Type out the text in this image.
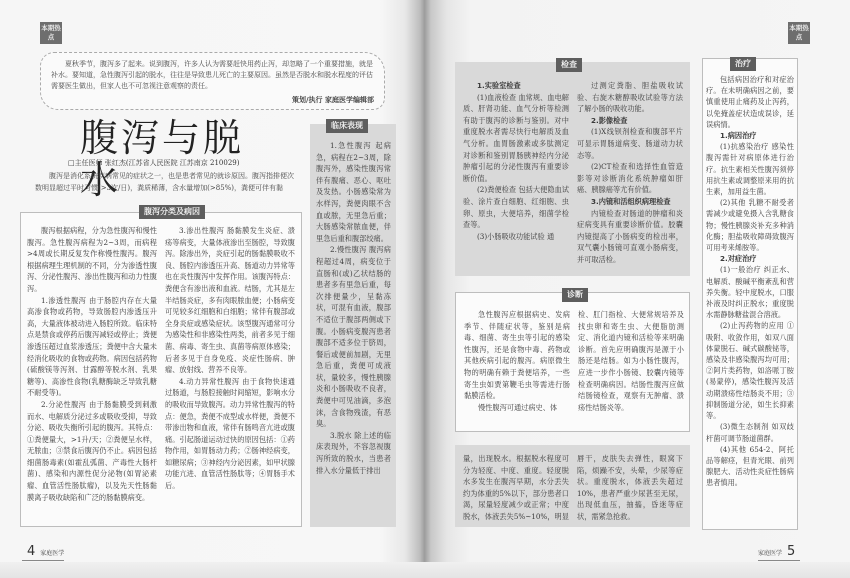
本期热点
本期热点

夏秋季节，腹泻多了起来。说到腹泻，许多人认为需要赶快用药止泻，却忽略了一个重要措施，就是补水。要知道，急性腹泻引起的脱水，往往是导致患儿死亡的主要原因。虽然是否脱水和脱水程度的评估需要医生做出，但家人也不可忽视注意观察的责任。

策划/执行 家庭医学编辑部

腹泻与脱水
□主任医师 张红杰(江苏省人民医院 江苏南京 210029)

腹泻是消化系统疾病常见的症状之一，也是患者常见的就诊原因。腹泻指排便次数明显超过平时习惯(>3次/日)，粪质稀薄，含水量增加(>85%)，粪便可伴有黏

腹泻分类及病因

腹泻根据病程，分为急性腹泻和慢性腹泻。急性腹泻病程为2~3周，而病程>4周或长期反复发作称慢性腹泻。腹泻根据病理生理机制的不同，分为渗透性腹泻、分泌性腹泻、渗出性腹泻和动力性腹泻。

1.渗透性腹泻 由于肠腔内存在大量高渗食物或药物，导致肠腔内渗透压升高，大量液体被动进入肠腔所致。临床特点是禁食或停药后腹泻减轻或停止；粪便渗透压超过血浆渗透压；粪便中含大量未经消化吸收的食物或药物。病因包括药物(硫酸镁等泻剂、甘露醇等脱水剂、乳果糖等)、高渗性食物(乳糖酶缺乏导致乳糖不耐受等)。

2.分泌性腹泻 由于肠黏膜受到刺激而水、电解质分泌过多或吸收受抑，导致分泌、吸收失衡所引起的腹泻。其特点：①粪便量大，>1升/天；②粪便呈水样，无脓血；③禁食后腹泻仍不止。病因包括细菌肠毒素(如霍乱弧菌、产毒性大肠杆菌)、感染和内源性促分泌物(如胃泌素瘤、血管活性肠肽瘤)，以及先天性肠黏膜离子吸收缺陷和广泛的肠黏膜病变。

3.渗出性腹泻 肠黏膜发生炎症、溃疡等病变，大量体液渗出至肠腔，导致腹泻。除渗出外，炎症引起的肠黏膜吸收不良、肠腔内渗透压升高、肠道动力异常等也在炎性腹泻中发挥作用。该腹泻特点：粪便含有渗出液和血液。结肠，尤其是左半结肠炎症，多有肉眼脓血便；小肠病变可见较多红细胞和白细胞；常伴有腹部或全身炎症或感染症状。该型腹泻通常可分为感染性和非感染性两类，前者多见于细菌、病毒、寄生虫、真菌等病原体感染；后者多见于自身免疫、炎症性肠病、肿瘤、放射线、营养不良等。

4.动力异常性腹泻 由于食物快速通过肠道，与肠腔接触时间缩短，影响水分的吸收而导致腹泻。动力异常性腹泻的特点：便急，粪便不成型或水样便，粪便不带渗出物和血液，常伴有肠鸣音亢进或腹痛。引起肠道运动过快的原因包括：①药物作用，如胃肠动力药；②肠神经病变，如糖尿病；③神经内分泌因素，如甲状腺功能亢进、血管活性肠肽等；④胃肠手术后。

临床表现

1.急性腹泻 起病急，病程在2~3周，除腹泻外，感染性腹泻常伴有腹痛、恶心、呕吐及发热。小肠感染常为水样泻，粪便肉眼不含血或脓，无里急后重；大肠感染常脓血便，伴里急后重和腹部绞痛。

2.慢性腹泻 腹泻病程超过4周，病变位于直肠和(或)乙状结肠的患者多有里急后重，每次排便量少，呈黏冻状，可混有血液，腹部不适位于腹部两侧或下腹。小肠病变腹泻患者腹部不适多位于脐周，餐后或便前加剧，无里急后重，粪便可成液状，量较多，慢性胰腺炎和小肠吸收不良者，粪便中可见油滴，多泡沫，含食物残渣，有恶臭。

3.脱水 除上述的临床表现外，不容忽视腹泻所致的脱水，当患者排入水分量低于排出

检查

1.实验室检查

(1)血液检查 血常规、血电解质、肝肾功能、血气分析等检测有助于腹泻的诊断与鉴别。对中重度脱水者需尽快行电解质及血气分析。血胃肠激素或多肽测定对诊断和鉴别胃肠胰神经内分泌肿瘤引起的分泌性腹泻有重要诊断价值。

(2)粪便检查 包括大便隐血试验、涂片查白细胞、红细胞、虫卵、原虫，大便培养，细菌学检查等。

(3)小肠吸收功能试验 通

过测定粪脂、胆盐吸收试验、右旋木糖醇吸收试验等方法了解小肠的吸收功能。

2.影像检查

(1)X线钡剂检查和腹部平片可显示胃肠道病变、肠道动力状态等。

(2)CT检查和选择性血管造影等对诊断消化系统肿瘤如肝癌、胰腺癌等尤有价值。

3.内镜和活组织病理检查

内镜检查对肠道的肿瘤和炎症病变具有重要诊断价值。胶囊内镜提高了小肠病变的检出率，双气囊小肠镜可直观小肠病变，并可取活检。

诊断

急性腹泻应根据病史、发病季节、伴随症状等，鉴别是病毒、细菌、寄生虫等引起的感染性腹泻，还是食物中毒、药物或其他疾病引起的腹泻。病原微生物的明确有赖于粪便培养，一些寄生虫如贾第鞭毛虫等需进行肠黏膜活检。

慢性腹泻可通过病史、体

检、肛门指检、大便常规培养及找虫卵和寄生虫、大便脂肪测定、消化道内镜和活检等来明确诊断。首先应明确腹泻是源于小肠还是结肠。如为小肠性腹泻，应进一步作小肠镜、胶囊内镜等检查明确病因。结肠性腹泻应做结肠镜检查，观察有无肿瘤、溃疡性结肠炎等。

量，出现脱水。根据脱水程度可分为轻度、中度、重度。轻度脱水多发生在腹泻早期，水分丢失约为体重的5%以下，部分患者口渴，尿量轻度减少或正常；中度脱水，体液丢失5%~10%，明显

唇干，皮肤失去弹性，眼窝下陷，烦躁不安，头晕，少尿等症状。重度脱水，体液丢失超过10%，患者严重少尿甚至无尿，出现低血压，抽搐，昏迷等症状，需紧急抢救。

治疗

包括病因治疗和对症治疗。在未明确病因之前，要慎重使用止痛药及止泻药，以免掩盖症状造成误诊，延误病情。

1.病因治疗

(1)抗感染治疗 感染性腹泻需针对病原体进行治疗。抗生素相关性腹泻须停用抗生素或调整原来用的抗生素，加用益生菌。

(2)其他 乳糖不耐受者需减少或避免摄入含乳糖食物；慢性胰腺炎补充多种消化酶；胆盐吸收障碍致腹泻可用考来烯胺等。

2.对症治疗

(1)一般治疗 纠正水、电解质、酸碱平衡紊乱和营养失衡。轻中度脱水，口服补液及时纠正脱水；重度脱水需静脉糖盐混合溶液。

(2)止泻药物的应用 ①吸附、收敛作用，如双八面体蒙脱石、碱式碳酸铋等，感染及非感染腹泻均可用；②阿片类药物，如洛哌丁胺(易蒙停)，感染性腹泻及活动期溃疡性结肠炎不用；③抑制肠道分泌，如生长抑素等。

(3)微生态制剂 如双歧杆菌可调节肠道菌群。

(4)其他 654-2、阿托品等解痉，但青光眼、前列腺肥大、活动性炎症性肠病患者慎用。

4 家庭医学	家庭医学 5
